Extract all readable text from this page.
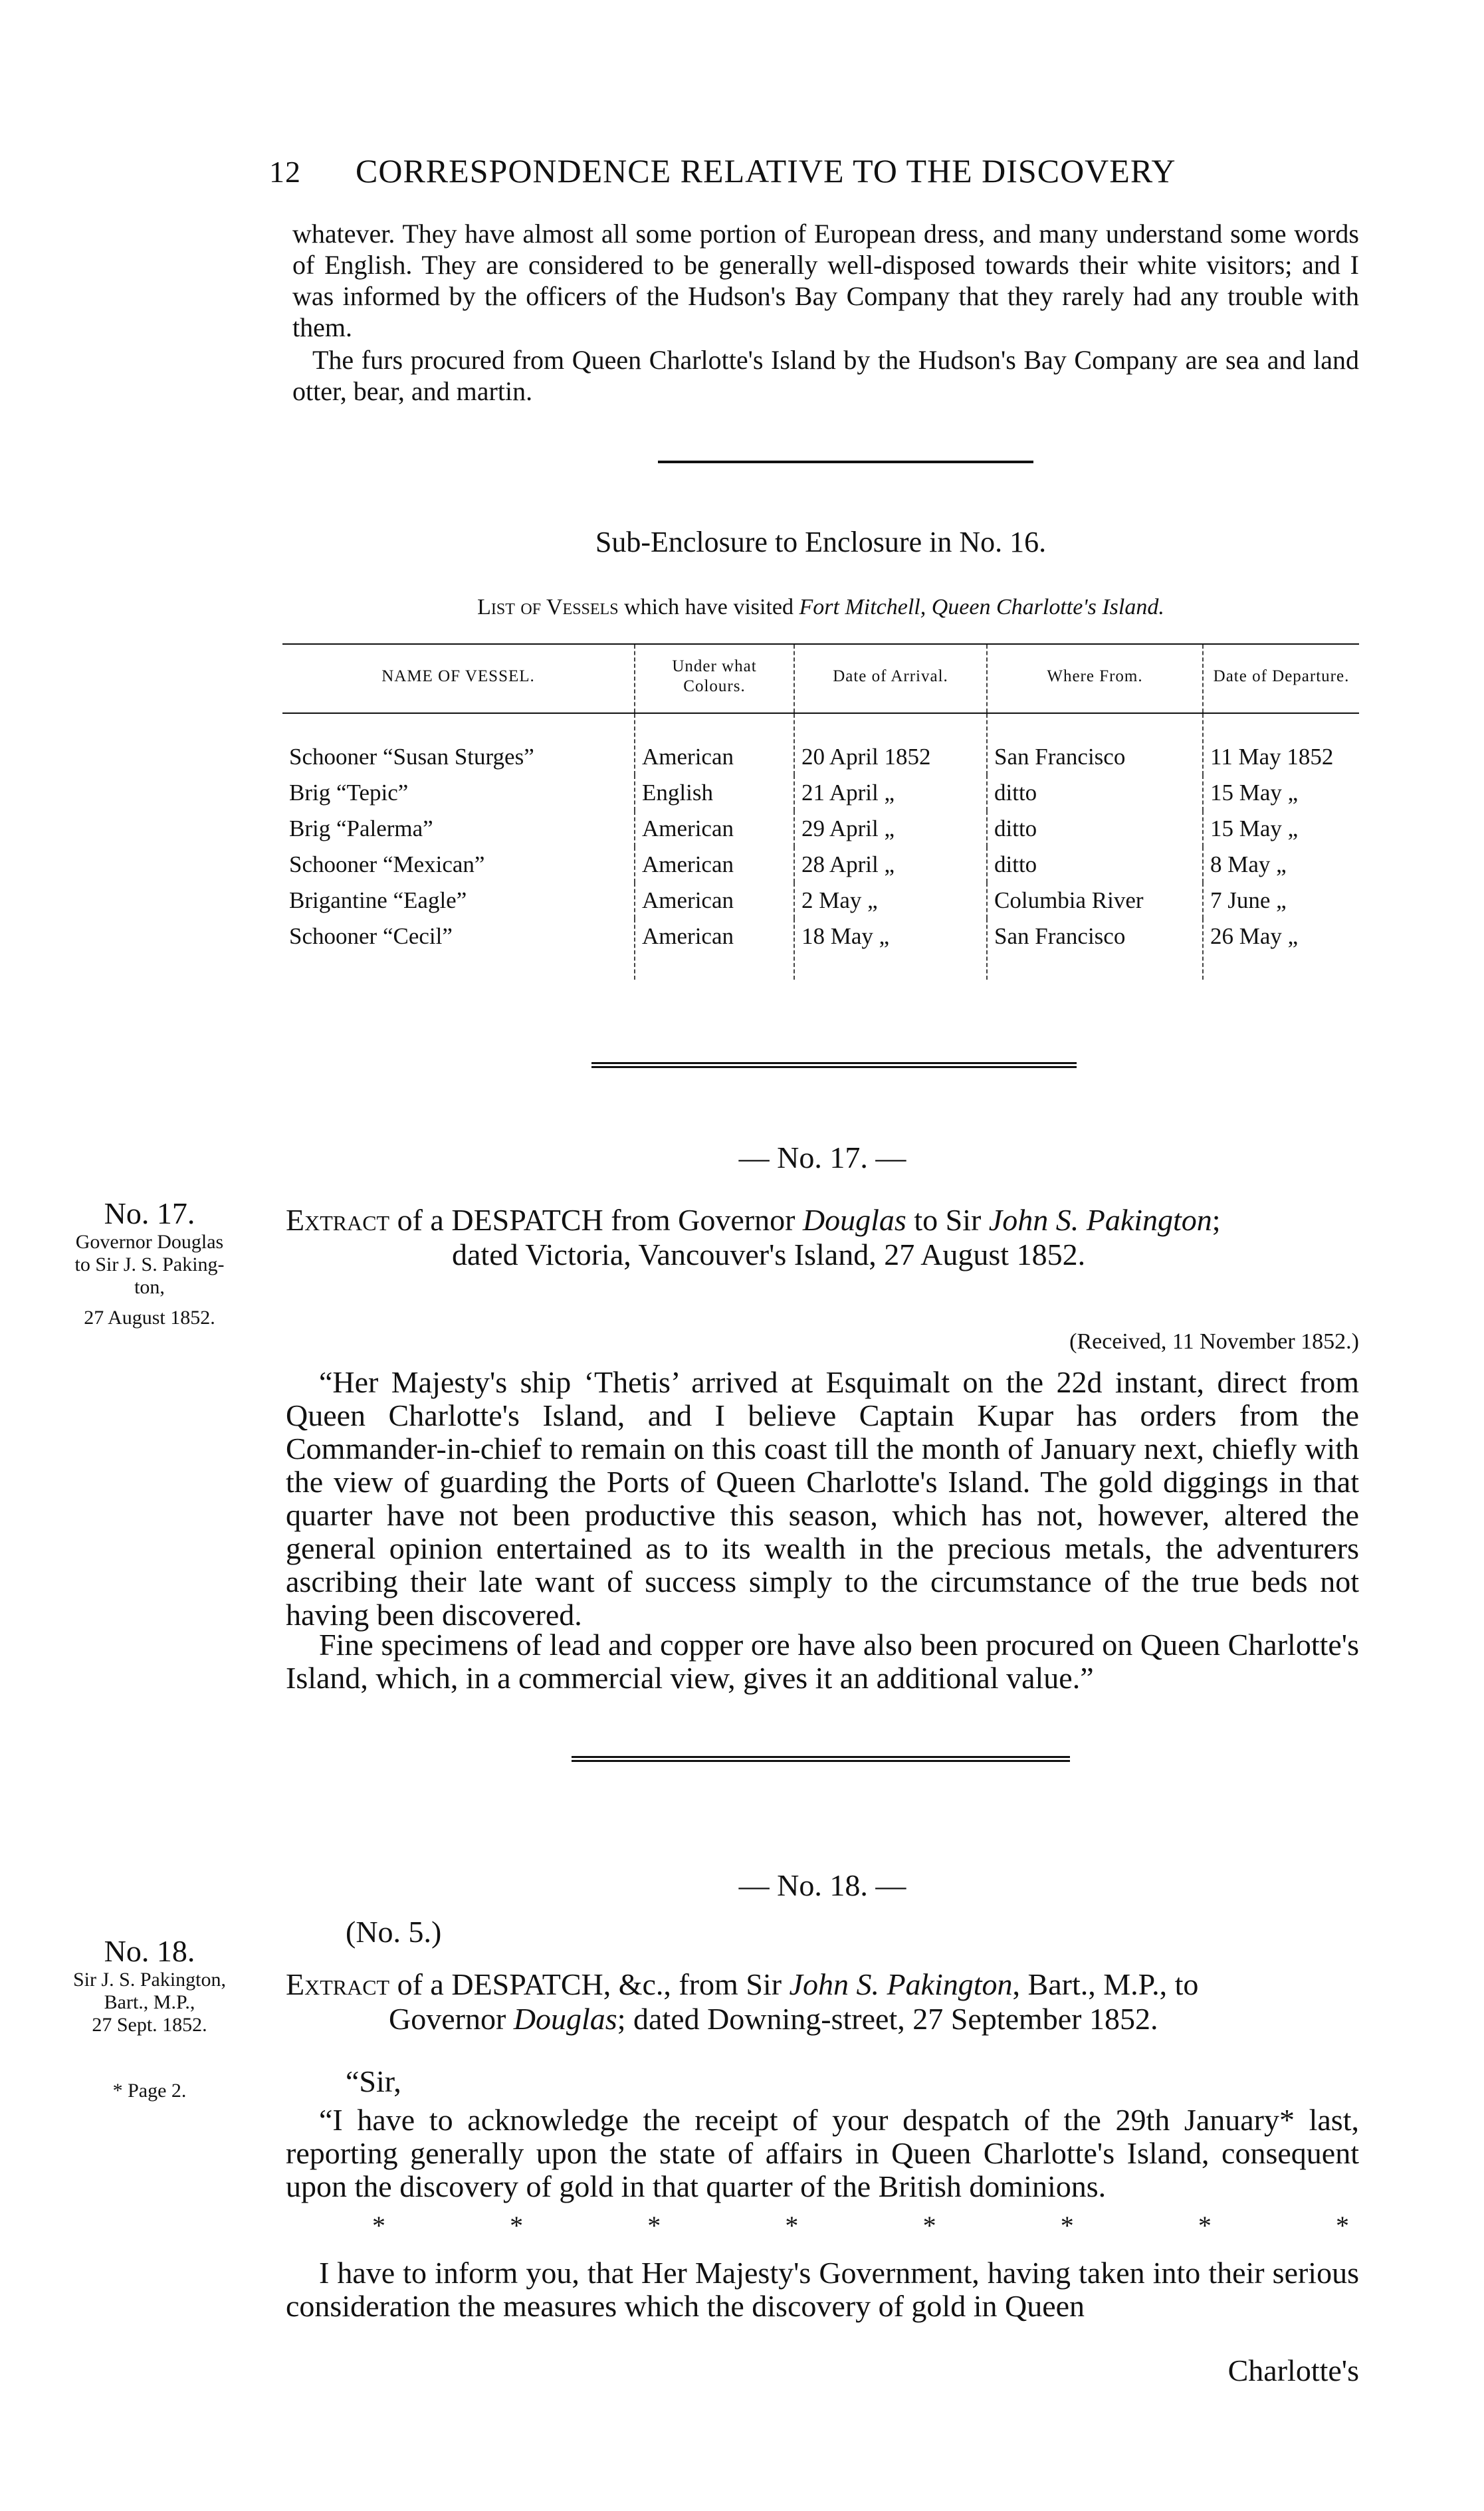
12 CORRESPONDENCE RELATIVE TO THE DISCOVERY
whatever. They have almost all some portion of European dress, and many understand some words of English. They are considered to be generally well-disposed towards their white visitors; and I was informed by the officers of the Hudson's Bay Company that they rarely had any trouble with them.
The furs procured from Queen Charlotte's Island by the Hudson's Bay Company are sea and land otter, bear, and martin.
Sub-Enclosure to Enclosure in No. 16.
List of Vessels which have visited Fort Mitchell, Queen Charlotte's Island.
NAME OF VESSEL.	Under what Colours.	Date of Arrival.	Where From.	Date of Departure.
Schooner “Susan Sturges”	American	20 April 1852	San Francisco	11 May 1852
Brig “Tepic”	English	21 April „	ditto	15 May „
Brig “Palerma”	American	29 April „	ditto	15 May „
Schooner “Mexican”	American	28 April „	ditto	8 May „
Brigantine “Eagle”	American	2 May „	Columbia River	7 June „
Schooner “Cecil”	American	18 May „	San Francisco	26 May „
— No. 17. —
No. 17.
Governor Douglas
to Sir J. S. Paking-
ton,
27 August 1852.
Extract of a DESPATCH from Governor Douglas to Sir John S. Pakington;
dated Victoria, Vancouver's Island, 27 August 1852.
(Received, 11 November 1852.)
“Her Majesty's ship ‘Thetis’ arrived at Esquimalt on the 22d instant, direct from Queen Charlotte's Island, and I believe Captain Kupar has orders from the Commander-in-chief to remain on this coast till the month of January next, chiefly with the view of guarding the Ports of Queen Charlotte's Island. The gold diggings in that quarter have not been productive this season, which has not, however, altered the general opinion entertained as to its wealth in the precious metals, the adventurers ascribing their late want of success simply to the circumstance of the true beds not having been discovered.
Fine specimens of lead and copper ore have also been procured on Queen Charlotte's Island, which, in a commercial view, gives it an additional value.”
— No. 18. —
(No. 5.)
No. 18.
Sir J. S. Pakington,
Bart., M.P.,
27 Sept. 1852.
* Page 2.
Extract of a DESPATCH, &c., from Sir John S. Pakington, Bart., M.P., to
Governor Douglas; dated Downing-street, 27 September 1852.
“Sir,
“I have to acknowledge the receipt of your despatch of the 29th January* last, reporting generally upon the state of affairs in Queen Charlotte's Island, consequent upon the discovery of gold in that quarter of the British dominions.
*	*	*	*	*	*	*	*
I have to inform you, that Her Majesty's Government, having taken into their serious consideration the measures which the discovery of gold in Queen
Charlotte's
